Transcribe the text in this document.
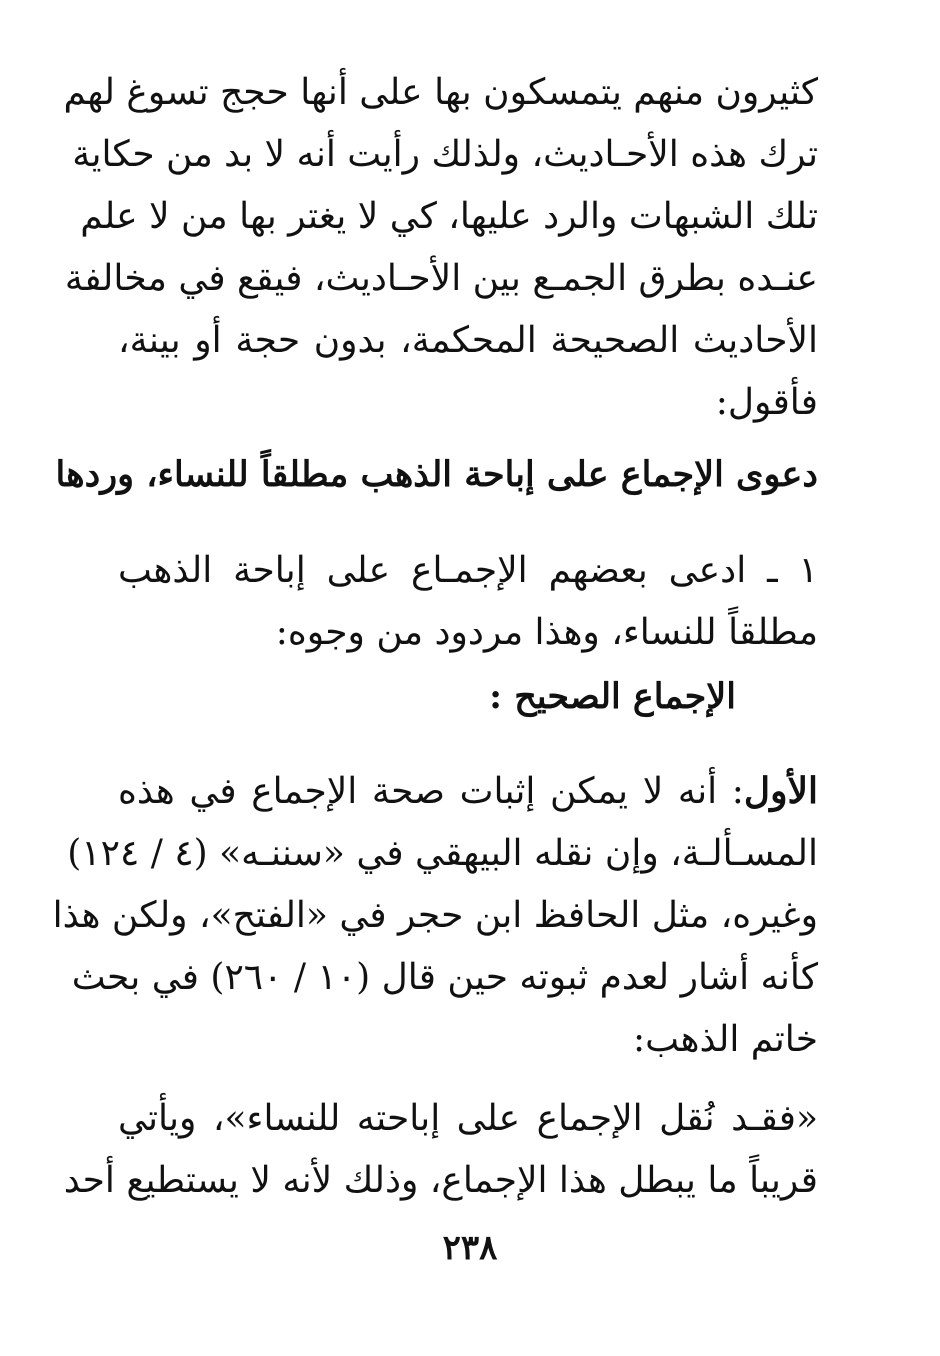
كثيرون منهم يتمسكون بها على أنها حجج تسوغ لهم
ترك هذه الأحـاديث، ولذلك رأيت أنه لا بد من حكاية
تلك الشبهات والرد عليها، كي لا يغتر بها من لا علم
عنـده بطرق الجمـع بين الأحـاديث، فيقع في مخالفة
الأحاديث الصحيحة المحكمة، بدون حجة أو بينة،
فأقول:
دعوى الإجماع على إباحة الذهب مطلقاً للنساء، وردها
١ ـ ادعى بعضهم الإجمـاع على إباحة الذهب
مطلقاً للنساء، وهذا مردود من وجوه:
الإجماع الصحيح :
الأول: أنه لا يمكن إثبات صحة الإجماع في هذه
المسـألـة، وإن نقله البيهقي في «سننـه» (٤ / ١٢٤)
وغيره، مثل الحافظ ابن حجر في «الفتح»، ولكن هذا
كأنه أشار لعدم ثبوته حين قال (١٠ / ٢٦٠) في بحث
خاتم الذهب:
«فقـد نُقل الإجماع على إباحته للنساء»، ويأتي
قريباً ما يبطل هذا الإجماع، وذلك لأنه لا يستطيع أحد
٢٣٨
